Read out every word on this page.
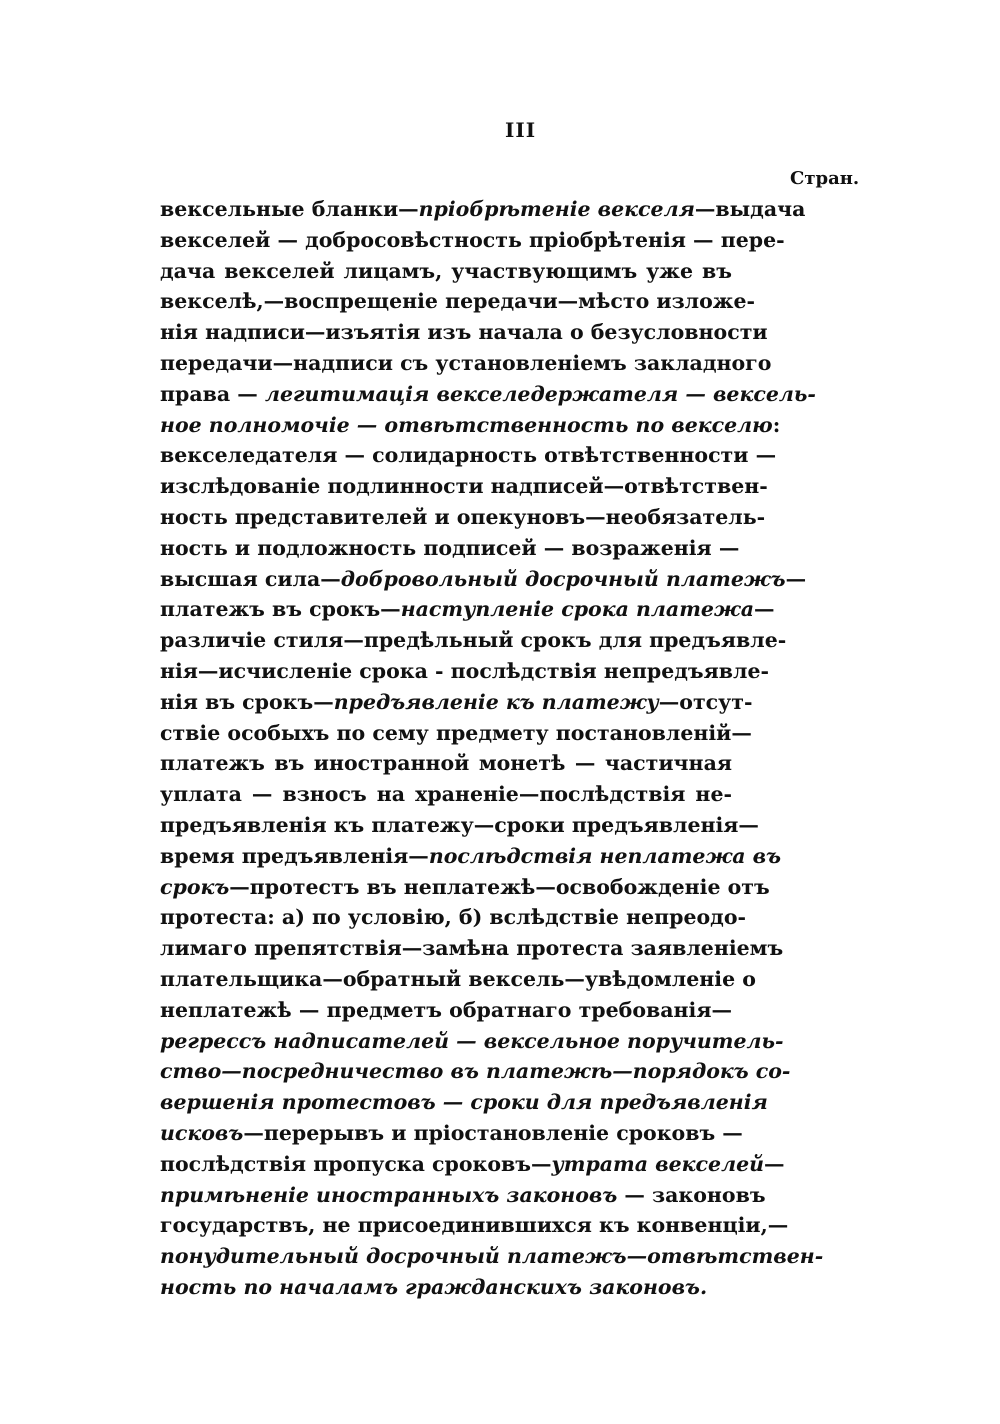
III
Стран.
вексельные бланки—пріобрѣтеніе векселя—выдача
векселей — добросовѣстность пріобрѣтенія — пере-
дача векселей лицамъ, участвующимъ уже въ
векселѣ,—воспрещеніе передачи—мѣсто изложе-
нія надписи—изъятія изъ начала о безусловности
передачи—надписи съ установленіемъ закладного
права — легитимація векселедержателя — вексель-
ное полномочіе — отвѣтственность по векселю:
векселедателя — солидарность отвѣтственности —
изслѣдованіе подлинности надписей—отвѣтствен-
ность представителей и опекуновъ—необязатель-
ность и подложность подписей — возраженія —
высшая сила—добровольный досрочный платежъ—
платежъ въ срокъ—наступленіе срока платежа—
различіе стиля—предѣльный срокъ для предъявле-
нія—исчисленіе срока - послѣдствія непредъявле-
нія въ срокъ—предъявленіе къ платежу—отсут-
ствіе особыхъ по сему предмету постановленій—
платежъ въ иностранной монетѣ — частичная
уплата — взносъ на храненіе—послѣдствія не-
предъявленія къ платежу—сроки предъявленія—
время предъявленія—послѣдствія неплатежа въ
срокъ—протестъ въ неплатежѣ—освобожденіе отъ
протеста: а) по условію, б) вслѣдствіе непреодо-
лимаго препятствія—замѣна протеста заявленіемъ
плательщика—обратный вексель—увѣдомленіе о
неплатежѣ — предметъ обратнаго требованія—
регрессъ надписателей — вексельное поручитель-
ство—посредничество въ платежѣ—порядокъ со-
вершенія протестовъ — сроки для предъявленія
исковъ—перерывъ и пріостановленіе сроковъ —
послѣдствія пропуска сроковъ—утрата векселей—
примѣненіе иностранныхъ законовъ — законовъ
государствъ, не присоединившихся къ конвенціи,—
понудительный досрочный платежъ—отвѣтствен-
ность по началамъ гражданскихъ законовъ.
